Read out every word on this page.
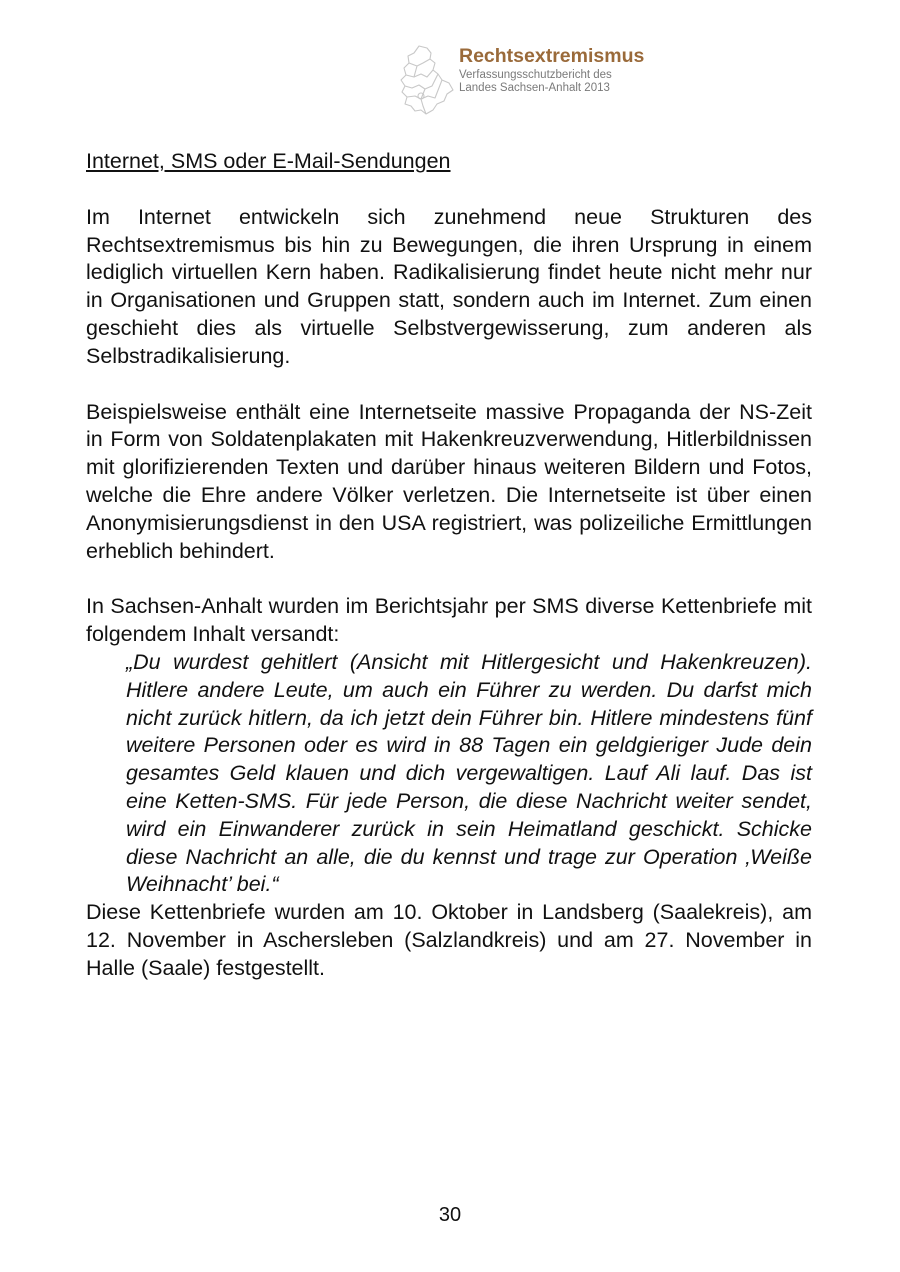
Rechtsextremismus
Verfassungsschutzbericht des
Landes Sachsen-Anhalt 2013

Internet, SMS oder E-Mail-Sendungen

Im Internet entwickeln sich zunehmend neue Strukturen des Rechtsextremismus bis hin zu Bewegungen, die ihren Ursprung in einem lediglich virtuellen Kern haben. Radikalisierung findet heute nicht mehr nur in Organisationen und Gruppen statt, sondern auch im Internet. Zum einen geschieht dies als virtuelle Selbstvergewisserung, zum anderen als Selbstradikalisierung.

Beispielsweise enthält eine Internetseite massive Propaganda der NS-Zeit in Form von Soldatenplakaten mit Hakenkreuzverwendung, Hitlerbildnissen mit glorifizierenden Texten und darüber hinaus weiteren Bildern und Fotos, welche die Ehre andere Völker verletzen. Die Internetseite ist über einen Anonymisierungsdienst in den USA registriert, was polizeiliche Ermittlungen erheblich behindert.

In Sachsen-Anhalt wurden im Berichtsjahr per SMS diverse Kettenbriefe mit folgendem Inhalt versandt:

„Du wurdest gehitlert (Ansicht mit Hitlergesicht und Hakenkreuzen). Hitlere andere Leute, um auch ein Führer zu werden. Du darfst mich nicht zurück hitlern, da ich jetzt dein Führer bin. Hitlere mindestens fünf weitere Personen oder es wird in 88 Tagen ein geldgieriger Jude dein gesamtes Geld klauen und dich vergewaltigen. Lauf Ali lauf. Das ist eine Ketten-SMS. Für jede Person, die diese Nachricht weiter sendet, wird ein Einwanderer zurück in sein Heimatland geschickt. Schicke diese Nachricht an alle, die du kennst und trage zur Operation ‚Weiße Weihnacht’ bei.“

Diese Kettenbriefe wurden am 10. Oktober in Landsberg (Saalekreis), am 12. November in Aschersleben (Salzlandkreis) und am 27. November in Halle (Saale) festgestellt.

30
